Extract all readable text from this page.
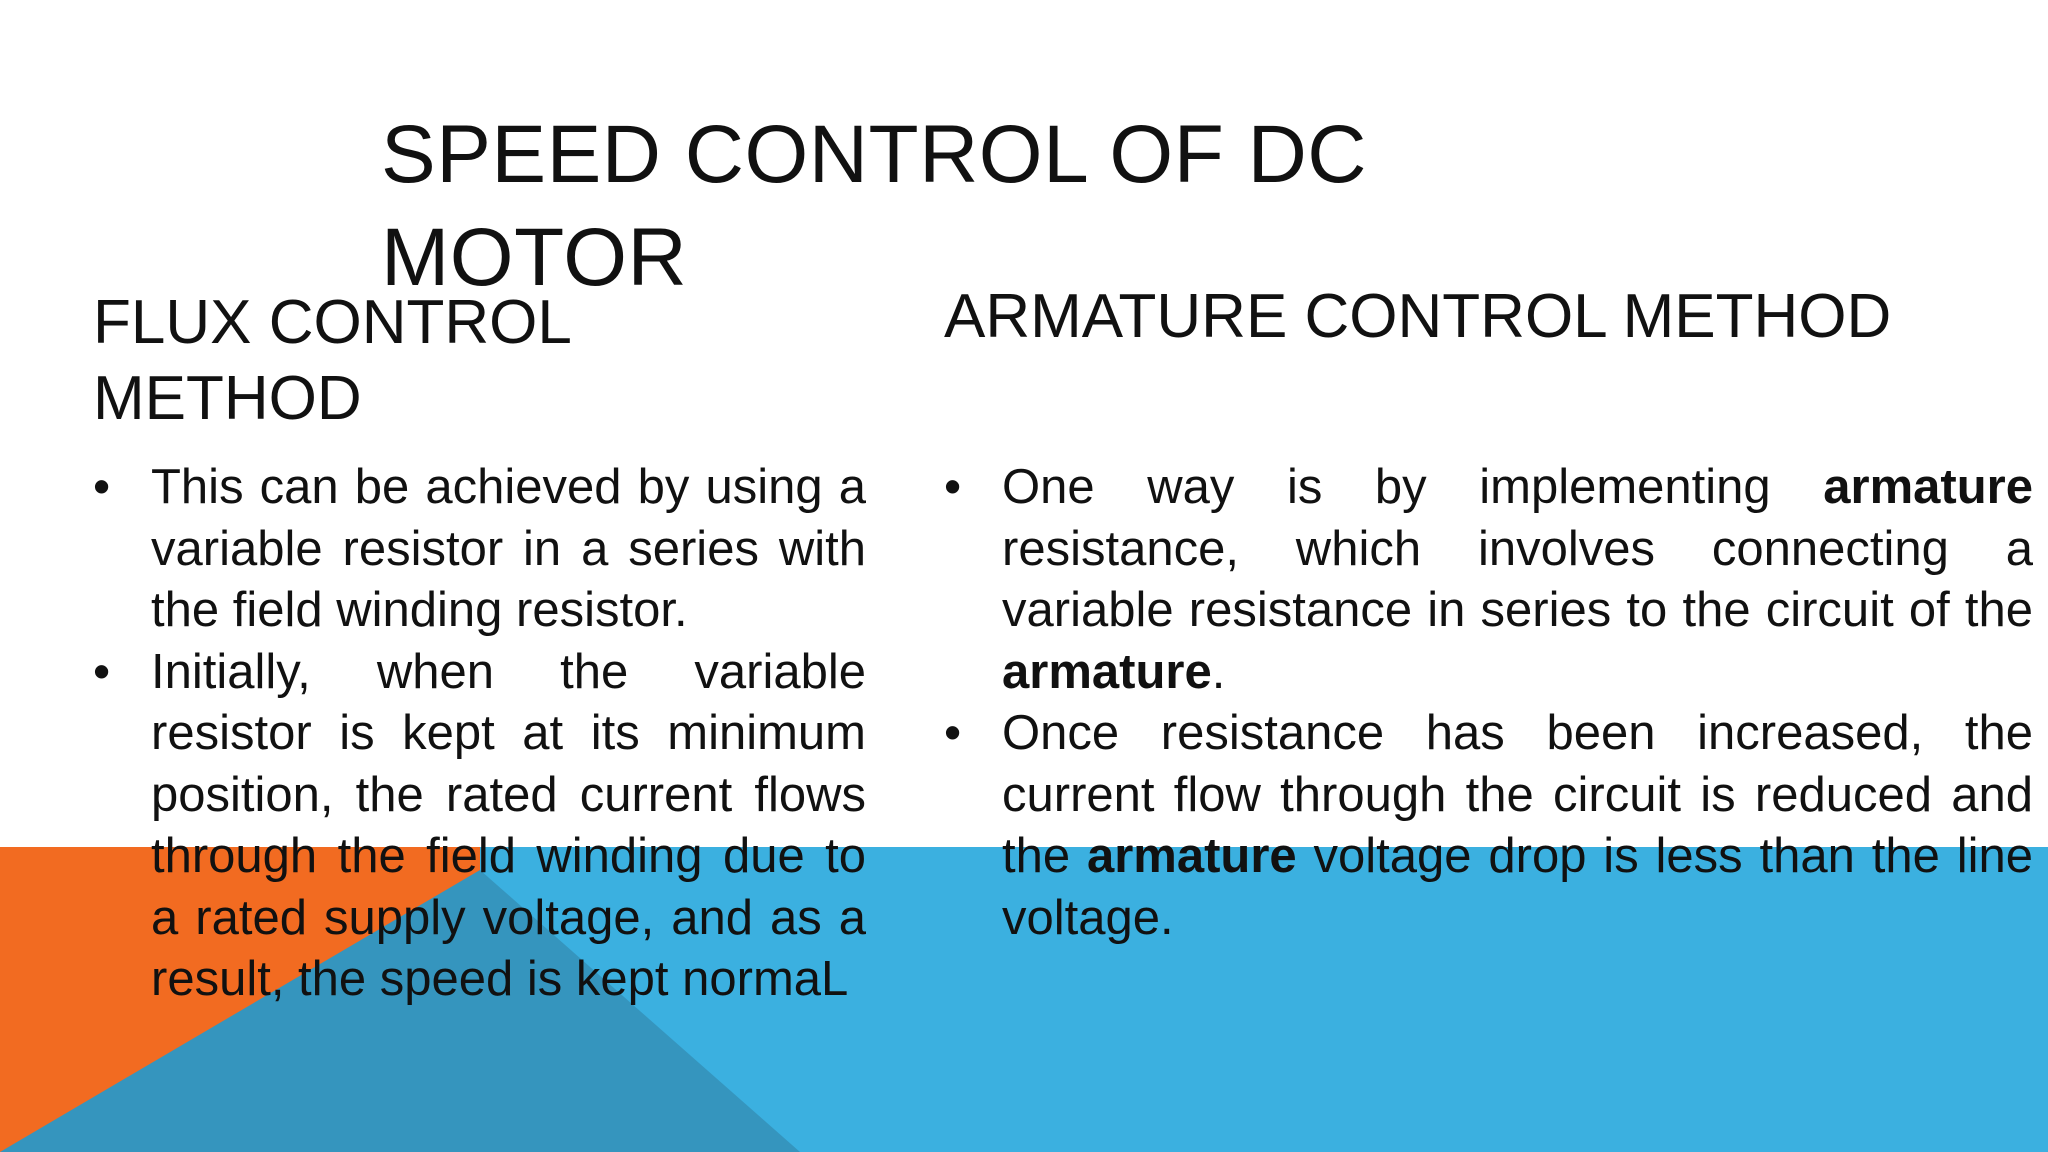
SPEED CONTROL OF DC MOTOR
FLUX CONTROL METHOD
• This can be achieved by using a variable resistor in a series with the field winding resistor.
• Initially, when the variable resistor is kept at its minimum position, the rated current flows through the field winding due to a rated supply voltage, and as a result, the speed is kept normaL
ARMATURE CONTROL METHOD
• One way is by implementing armature resistance, which involves connecting a variable resistance in series to the circuit of the armature.
• Once resistance has been increased, the current flow through the circuit is reduced and the armature voltage drop is less than the line voltage.
